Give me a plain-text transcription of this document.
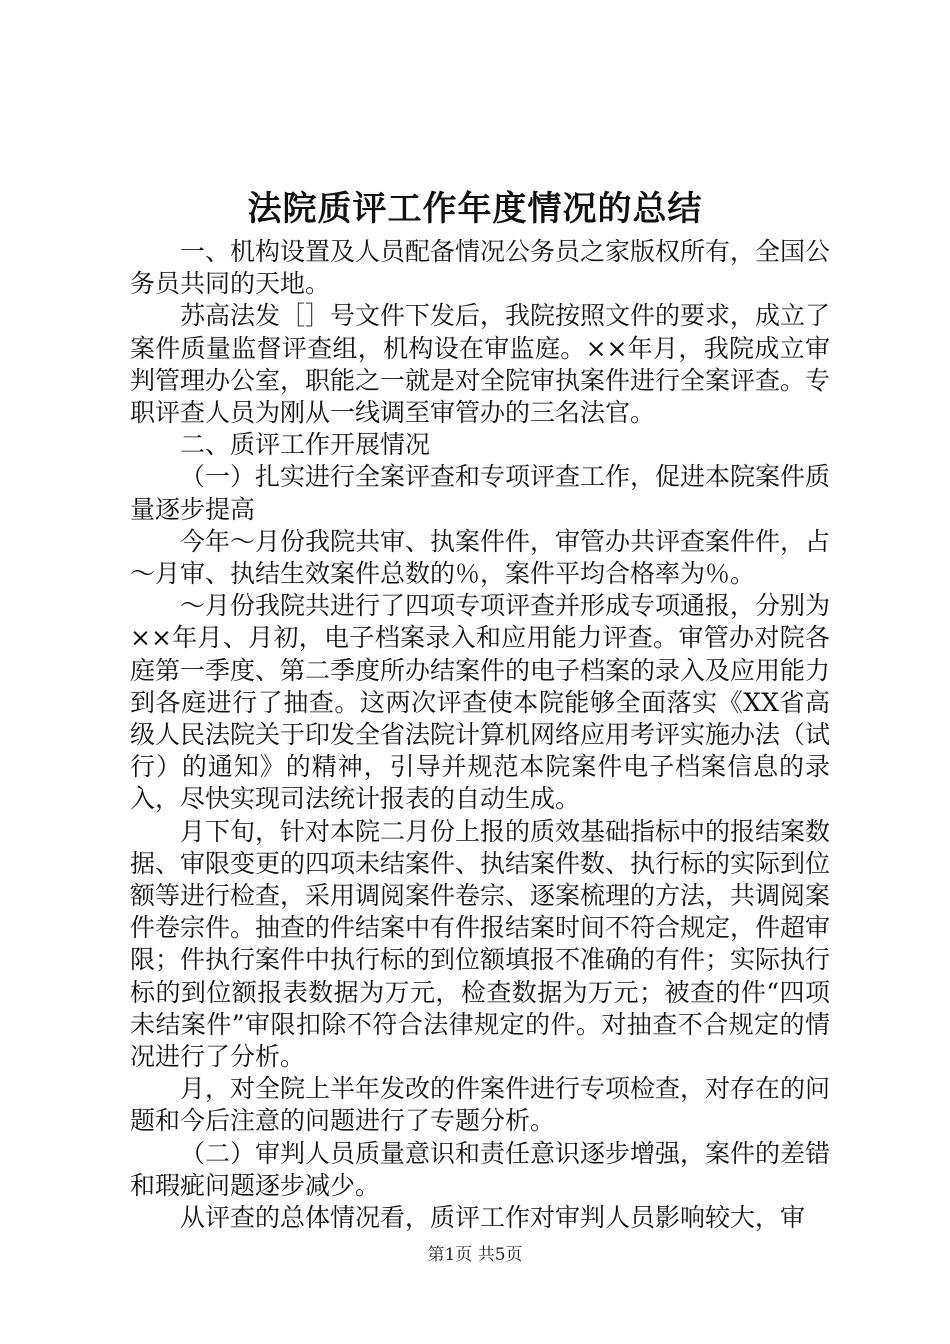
法院质评工作年度情况的总结

一、机构设置及人员配备情况公务员之家版权所有，全国公务员共同的天地。

苏高法发［］号文件下发后，我院按照文件的要求，成立了案件质量监督评查组，机构设在审监庭。××年月，我院成立审判管理办公室，职能之一就是对全院审执案件进行全案评查。专职评查人员为刚从一线调至审管办的三名法官。

二、质评工作开展情况

（一）扎实进行全案评查和专项评查工作，促进本院案件质量逐步提高

今年～月份我院共审、执案件件，审管办共评查案件件，占～月审、执结生效案件总数的％，案件平均合格率为％。

～月份我院共进行了四项专项评查并形成专项通报，分别为××年月、月初，电子档案录入和应用能力评查。审管办对院各庭第一季度、第二季度所办结案件的电子档案的录入及应用能力到各庭进行了抽查。这两次评查使本院能够全面落实《XX省高级人民法院关于印发全省法院计算机网络应用考评实施办法（试行）的通知》的精神，引导并规范本院案件电子档案信息的录入，尽快实现司法统计报表的自动生成。

月下旬，针对本院二月份上报的质效基础指标中的报结案数据、审限变更的四项未结案件、执结案件数、执行标的实际到位额等进行检查，采用调阅案件卷宗、逐案梳理的方法，共调阅案件卷宗件。抽查的件结案中有件报结案时间不符合规定，件超审限；件执行案件中执行标的到位额填报不准确的有件；实际执行标的到位额报表数据为万元，检查数据为万元；被查的件“四项未结案件”审限扣除不符合法律规定的件。对抽查不合规定的情况进行了分析。

月，对全院上半年发改的件案件进行专项检查，对存在的问题和今后注意的问题进行了专题分析。

（二）审判人员质量意识和责任意识逐步增强，案件的差错和瑕疵问题逐步减少。

从评查的总体情况看，质评工作对审判人员影响较大，审

第1页 共5页
